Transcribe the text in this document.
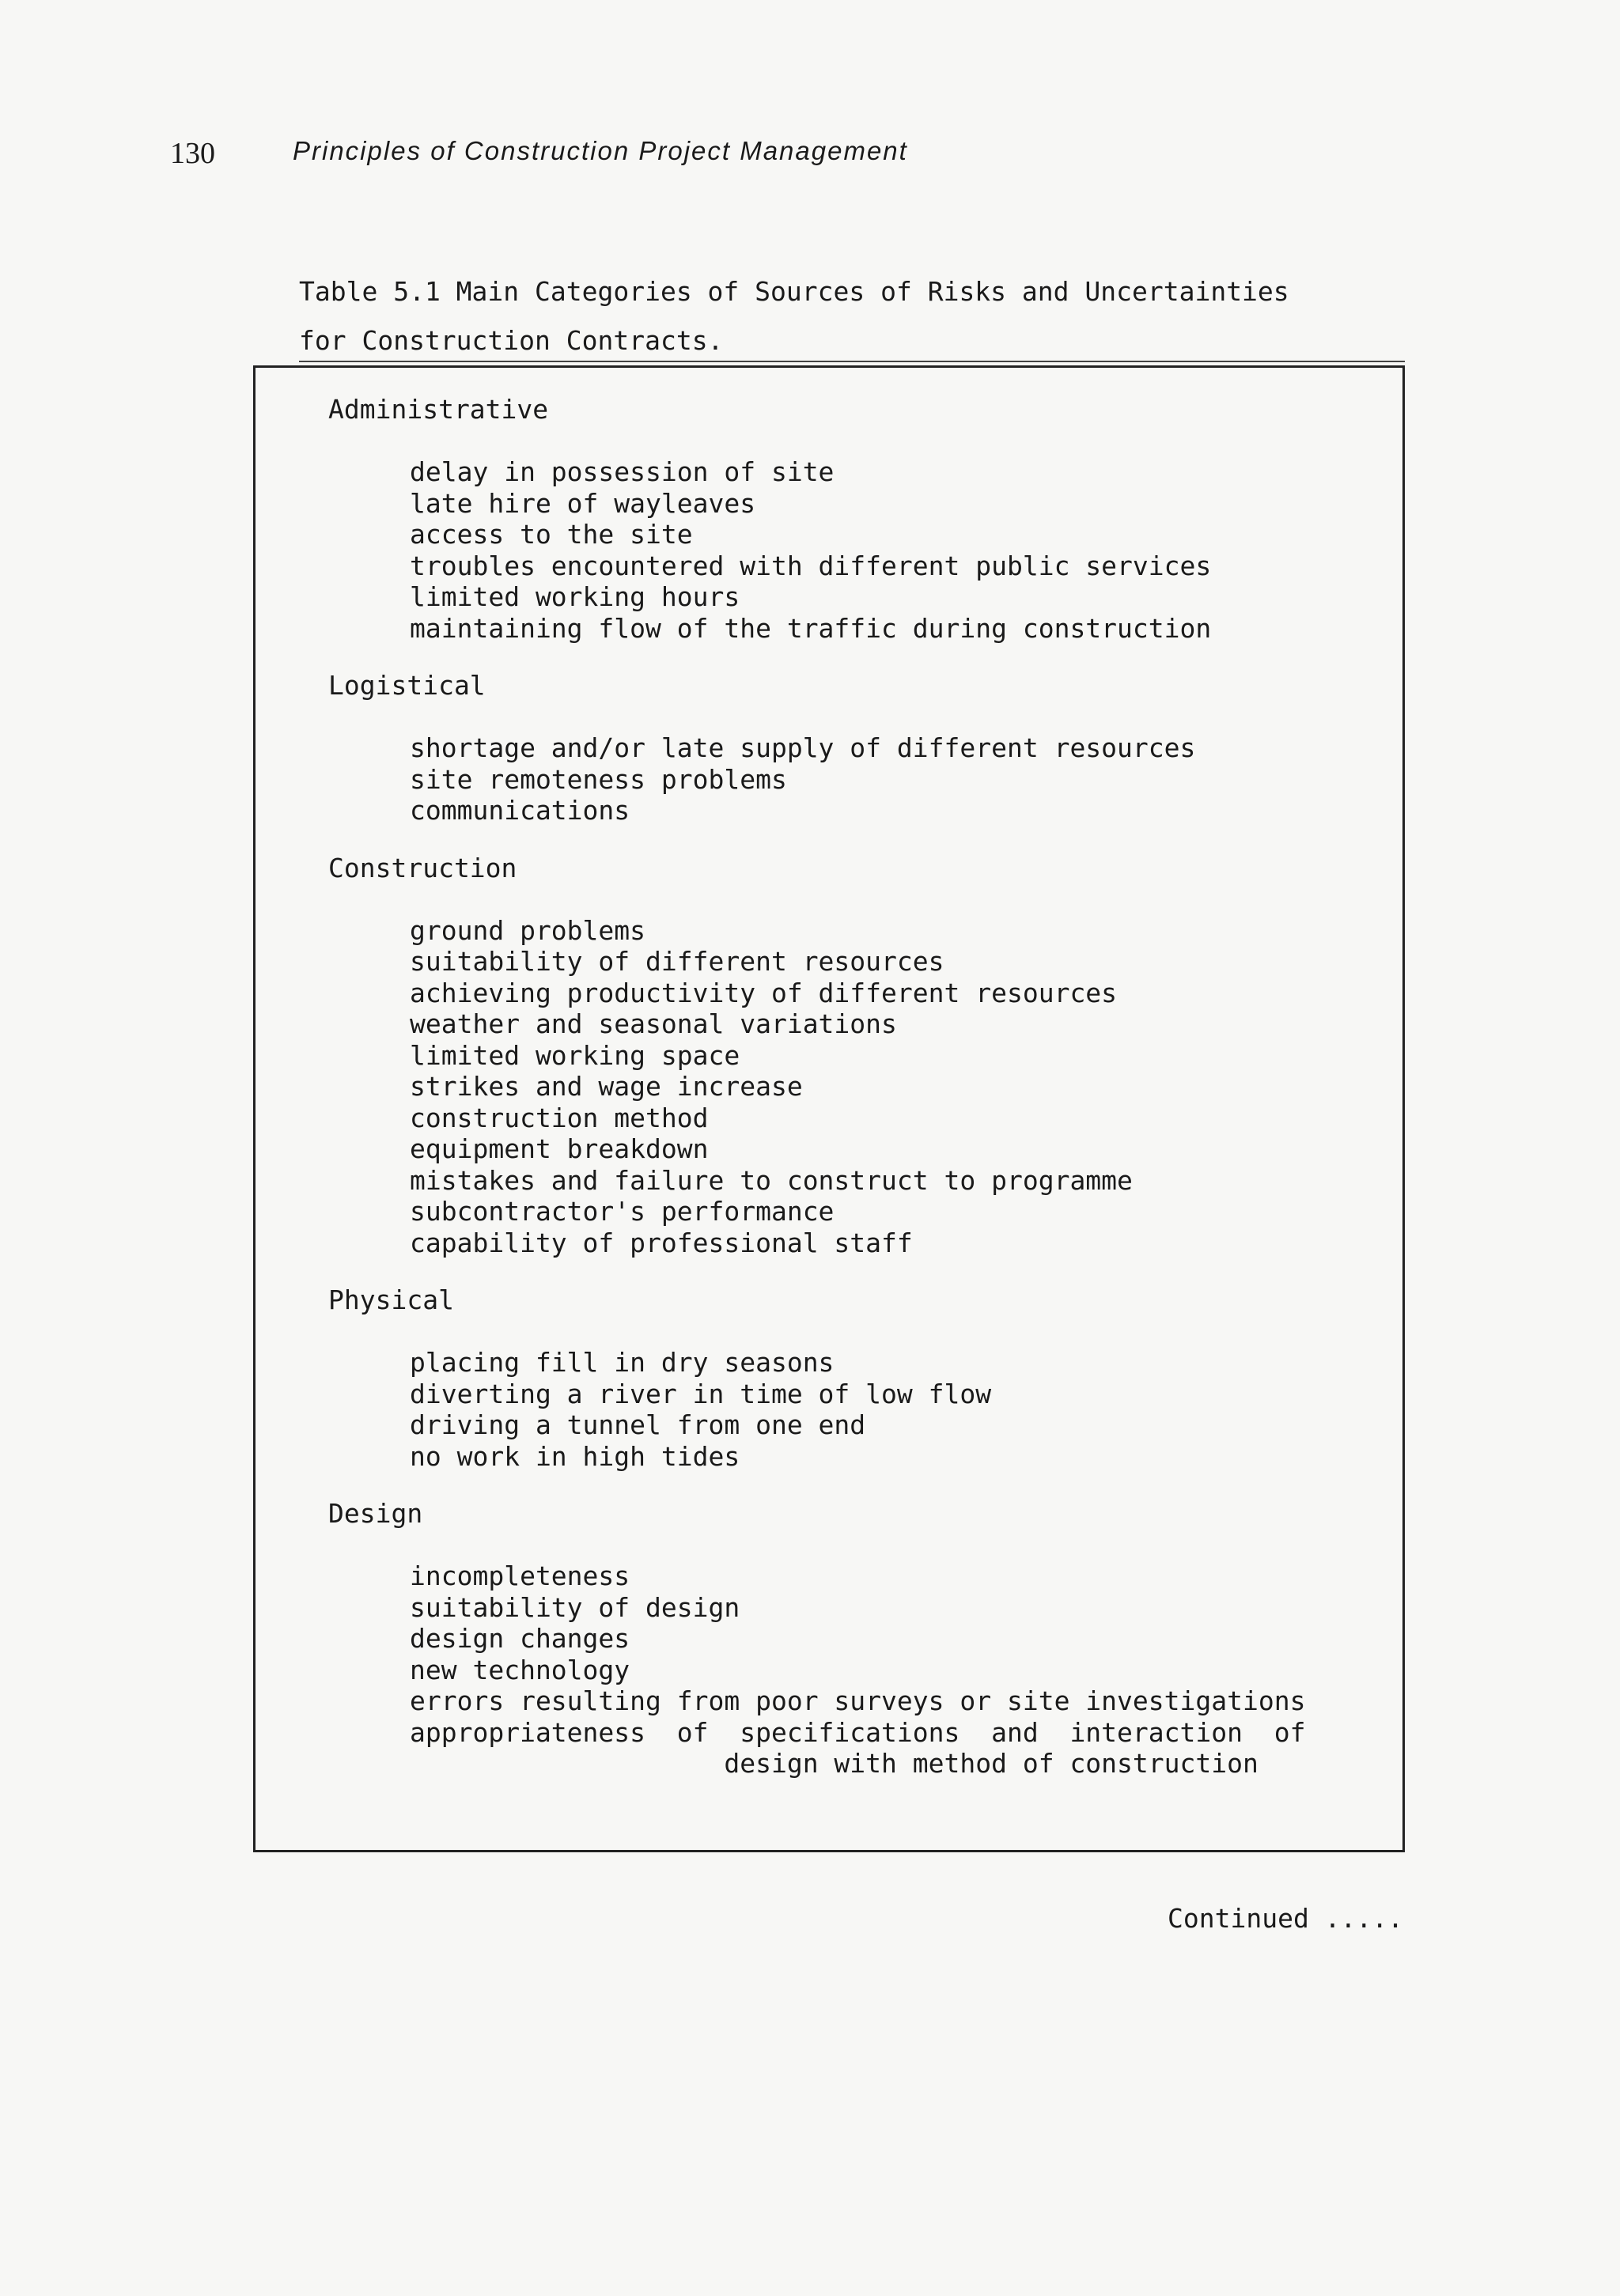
130	Principles of Construction Project Management
Table 5.1 Main Categories of Sources of Risks and Uncertainties
for Construction Contracts.
Administrative
delay in possession of site
late hire of wayleaves
access to the site
troubles encountered with different public services
limited working hours
maintaining flow of the traffic during construction
Logistical
shortage and/or late supply of different resources
site remoteness problems
communications
Construction
ground problems
suitability of different resources
achieving productivity of different resources
weather and seasonal variations
limited working space
strikes and wage increase
construction method
equipment breakdown
mistakes and failure to construct to programme
subcontractor's performance
capability of professional staff
Physical
placing fill in dry seasons
diverting a river in time of low flow
driving a tunnel from one end
no work in high tides
Design
incompleteness
suitability of design
design changes
new technology
errors resulting from poor surveys or site investigations
appropriateness  of  specifications  and  interaction  of
design with method of construction
Continued .....
